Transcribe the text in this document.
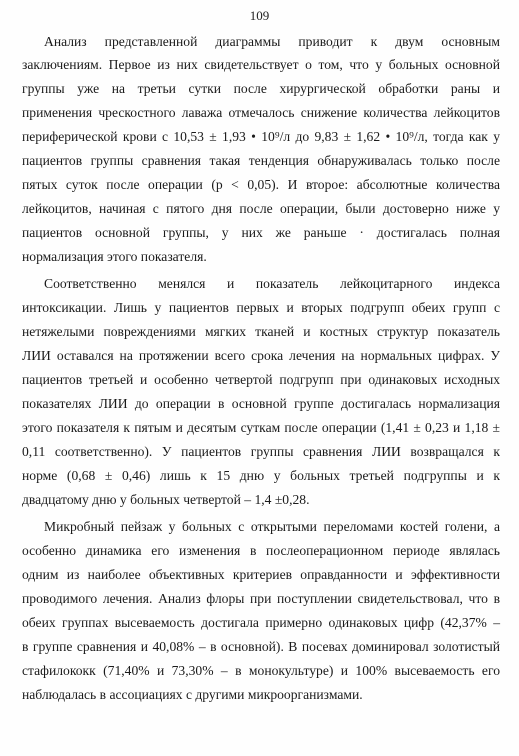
109
Анализ представленной диаграммы приводит к двум основным
заключениям. Первое из них свидетельствует о том, что у больных основной
группы уже на третьи сутки после хирургической обработки раны и
применения чрескостного лаважа отмечалось снижение количества лейкоцитов
периферической крови с 10,53 ± 1,93 • 10⁹/л до 9,83 ± 1,62 • 10⁹/л, тогда как у
пациентов группы сравнения такая тенденция обнаруживалась только после
пятых суток после операции (р < 0,05). И второе: абсолютные количества
лейкоцитов, начиная с пятого дня после операции, были достоверно ниже у
пациентов основной группы, у них же раньше · достигалась полная
нормализация этого показателя.
Соответственно менялся и показатель лейкоцитарного индекса
интоксикации. Лишь у пациентов первых и вторых подгрупп обеих групп с
нетяжелыми повреждениями мягких тканей и костных структур показатель
ЛИИ оставался на протяжении всего срока лечения на нормальных цифрах. У
пациентов третьей и особенно четвертой подгрупп при одинаковых исходных
показателях ЛИИ до операции в основной группе достигалась нормализация
этого показателя к пятым и десятым суткам после операции (1,41 ± 0,23 и 1,18 ±
0,11 соответственно). У пациентов группы сравнения ЛИИ возвращался к
норме (0,68 ± 0,46) лишь к 15 дню у больных третьей подгруппы и к
двадцатому дню у больных четвертой – 1,4 ±0,28.
Микробный пейзаж у больных с открытыми переломами костей голени, а
особенно динамика его изменения в послеоперационном периоде являлась
одним из наиболее объективных критериев оправданности и эффективности
проводимого лечения. Анализ флоры при поступлении свидетельствовал, что в
обеих группах высеваемость достигала примерно одинаковых цифр (42,37% –
в группе сравнения и 40,08% – в основной). В посевах доминировал золотистый
стафилококк (71,40% и 73,30% – в монокультуре) и 100% высеваемость его
наблюдалась в ассоциациях с другими микроорганизмами.
